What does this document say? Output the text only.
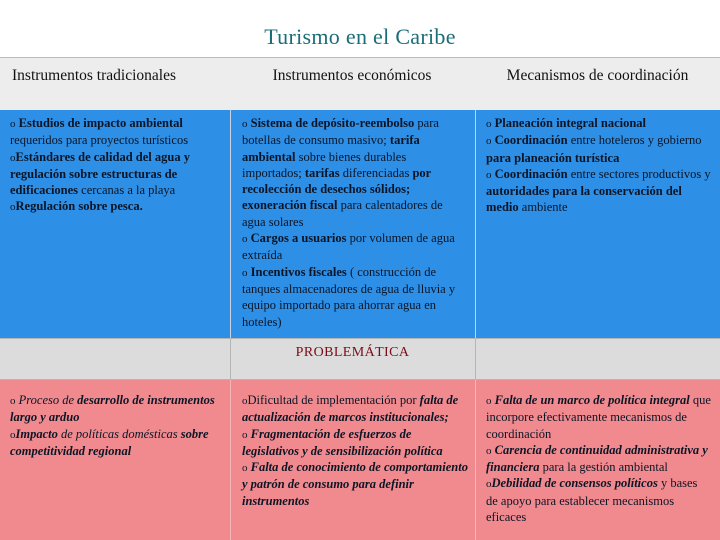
Turismo en el Caribe
Instrumentos tradicionales	Instrumentos económicos	Mecanismos de coordinación
PROBLEMÁTICA
o Estudios de impacto ambiental requeridos para proyectos turísticos
oEstándares de calidad del agua y regulación sobre estructuras de edificaciones cercanas a la playa
oRegulación sobre pesca.
o Sistema de depósito-reembolso para botellas de consumo masivo; tarifa ambiental sobre bienes durables importados; tarifas diferenciadas por recolección de desechos sólidos; exoneración fiscal para calentadores de agua solares
o Cargos a usuarios por volumen de agua extraída
o Incentivos fiscales ( construcción de tanques almacenadores de agua de lluvia y equipo importado para ahorrar agua en hoteles)
o Planeación integral nacional
o Coordinación entre hoteleros y gobierno para planeación turística
o Coordinación entre sectores productivos y autoridades para la conservación del medio ambiente
o Proceso de desarrollo de instrumentos largo y arduo
oImpacto de políticas domésticas sobre competitividad regional
oDificultad de implementación por falta de actualización de marcos institucionales;
o Fragmentación de esfuerzos de legislativos y de sensibilización política
o Falta de conocimiento de comportamiento y patrón de consumo para definir instrumentos
o Falta de un marco de política integral que incorpore efectivamente mecanismos de coordinación
o Carencia de continuidad administrativa y financiera para la gestión ambiental
oDebilidad de consensos políticos y bases de apoyo para establecer mecanismos eficaces
